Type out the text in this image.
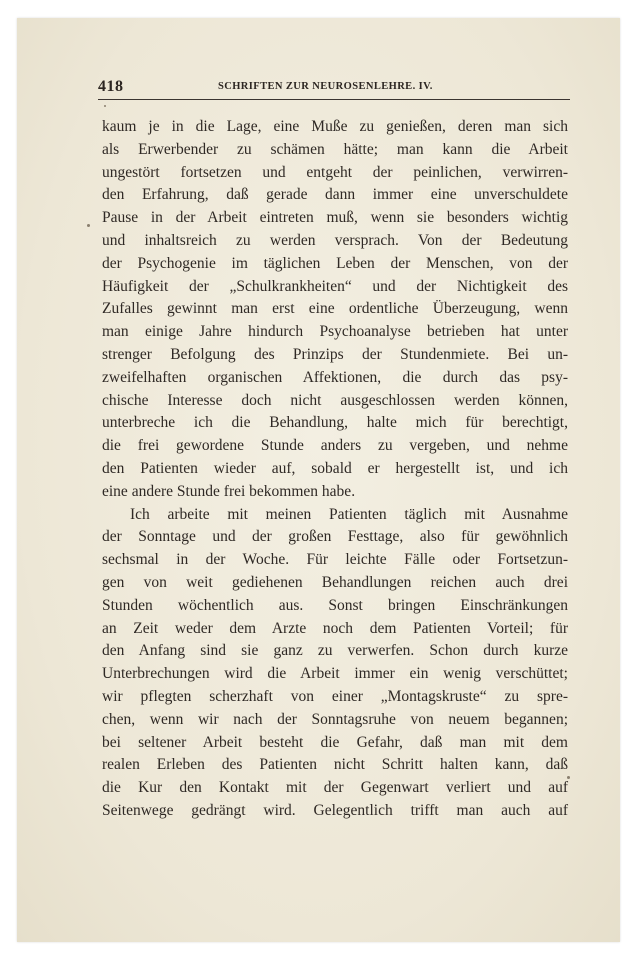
418	SCHRIFTEN ZUR NEUROSENLEHRE. IV.
kaum je in die Lage, eine Muße zu genießen, deren man sich
als Erwerbender zu schämen hätte; man kann die Arbeit
ungestört fortsetzen und entgeht der peinlichen, verwirren-
den Erfahrung, daß gerade dann immer eine unverschuldete
Pause in der Arbeit eintreten muß, wenn sie besonders wichtig
und inhaltsreich zu werden versprach. Von der Bedeutung
der Psychogenie im täglichen Leben der Menschen, von der
Häufigkeit der „Schulkrankheiten“ und der Nichtigkeit des
Zufalles gewinnt man erst eine ordentliche Überzeugung, wenn
man einige Jahre hindurch Psychoanalyse betrieben hat unter
strenger Befolgung des Prinzips der Stundenmiete. Bei un-
zweifelhaften organischen Affektionen, die durch das psy-
chische Interesse doch nicht ausgeschlossen werden können,
unterbreche ich die Behandlung, halte mich für berechtigt,
die frei gewordene Stunde anders zu vergeben, und nehme
den Patienten wieder auf, sobald er hergestellt ist, und ich
eine andere Stunde frei bekommen habe.
Ich arbeite mit meinen Patienten täglich mit Ausnahme
der Sonntage und der großen Festtage, also für gewöhnlich
sechsmal in der Woche. Für leichte Fälle oder Fortsetzun-
gen von weit gediehenen Behandlungen reichen auch drei
Stunden wöchentlich aus. Sonst bringen Einschränkungen
an Zeit weder dem Arzte noch dem Patienten Vorteil; für
den Anfang sind sie ganz zu verwerfen. Schon durch kurze
Unterbrechungen wird die Arbeit immer ein wenig verschüttet;
wir pflegten scherzhaft von einer „Montagskruste“ zu spre-
chen, wenn wir nach der Sonntagsruhe von neuem begannen;
bei seltener Arbeit besteht die Gefahr, daß man mit dem
realen Erleben des Patienten nicht Schritt halten kann, daß
die Kur den Kontakt mit der Gegenwart verliert und auf
Seitenwege gedrängt wird. Gelegentlich trifft man auch auf
